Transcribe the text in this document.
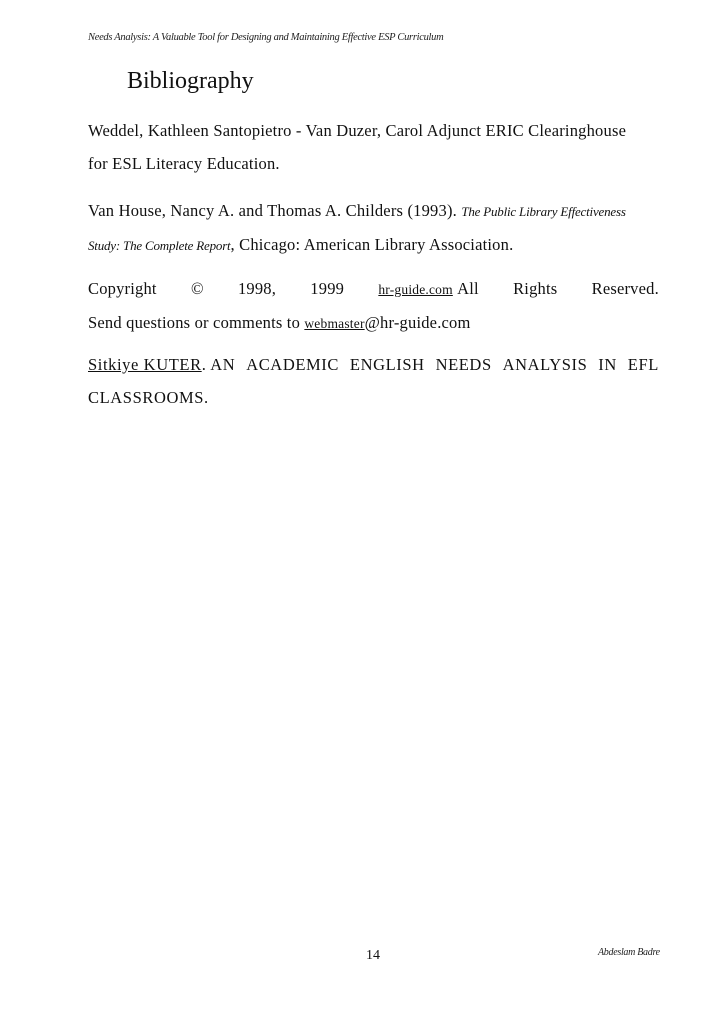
Needs Analysis: A Valuable Tool for Designing and Maintaining Effective ESP Curriculum
Bibliography
Weddel, Kathleen Santopietro - Van Duzer, Carol Adjunct ERIC Clearinghouse
for ESL Literacy Education.
Van House, Nancy A. and Thomas A. Childers (1993). The Public Library Effectiveness
Study: The Complete Report, Chicago: American Library Association.
Copyright © 1998, 1999	hr-guide.com All Rights Reserved.
Send questions or comments to webmaster@hr-guide.com
Sitkiye KUTER. AN ACADEMIC ENGLISH NEEDS ANALYSIS IN EFL
CLASSROOMS.
14	Abdeslam Badre
